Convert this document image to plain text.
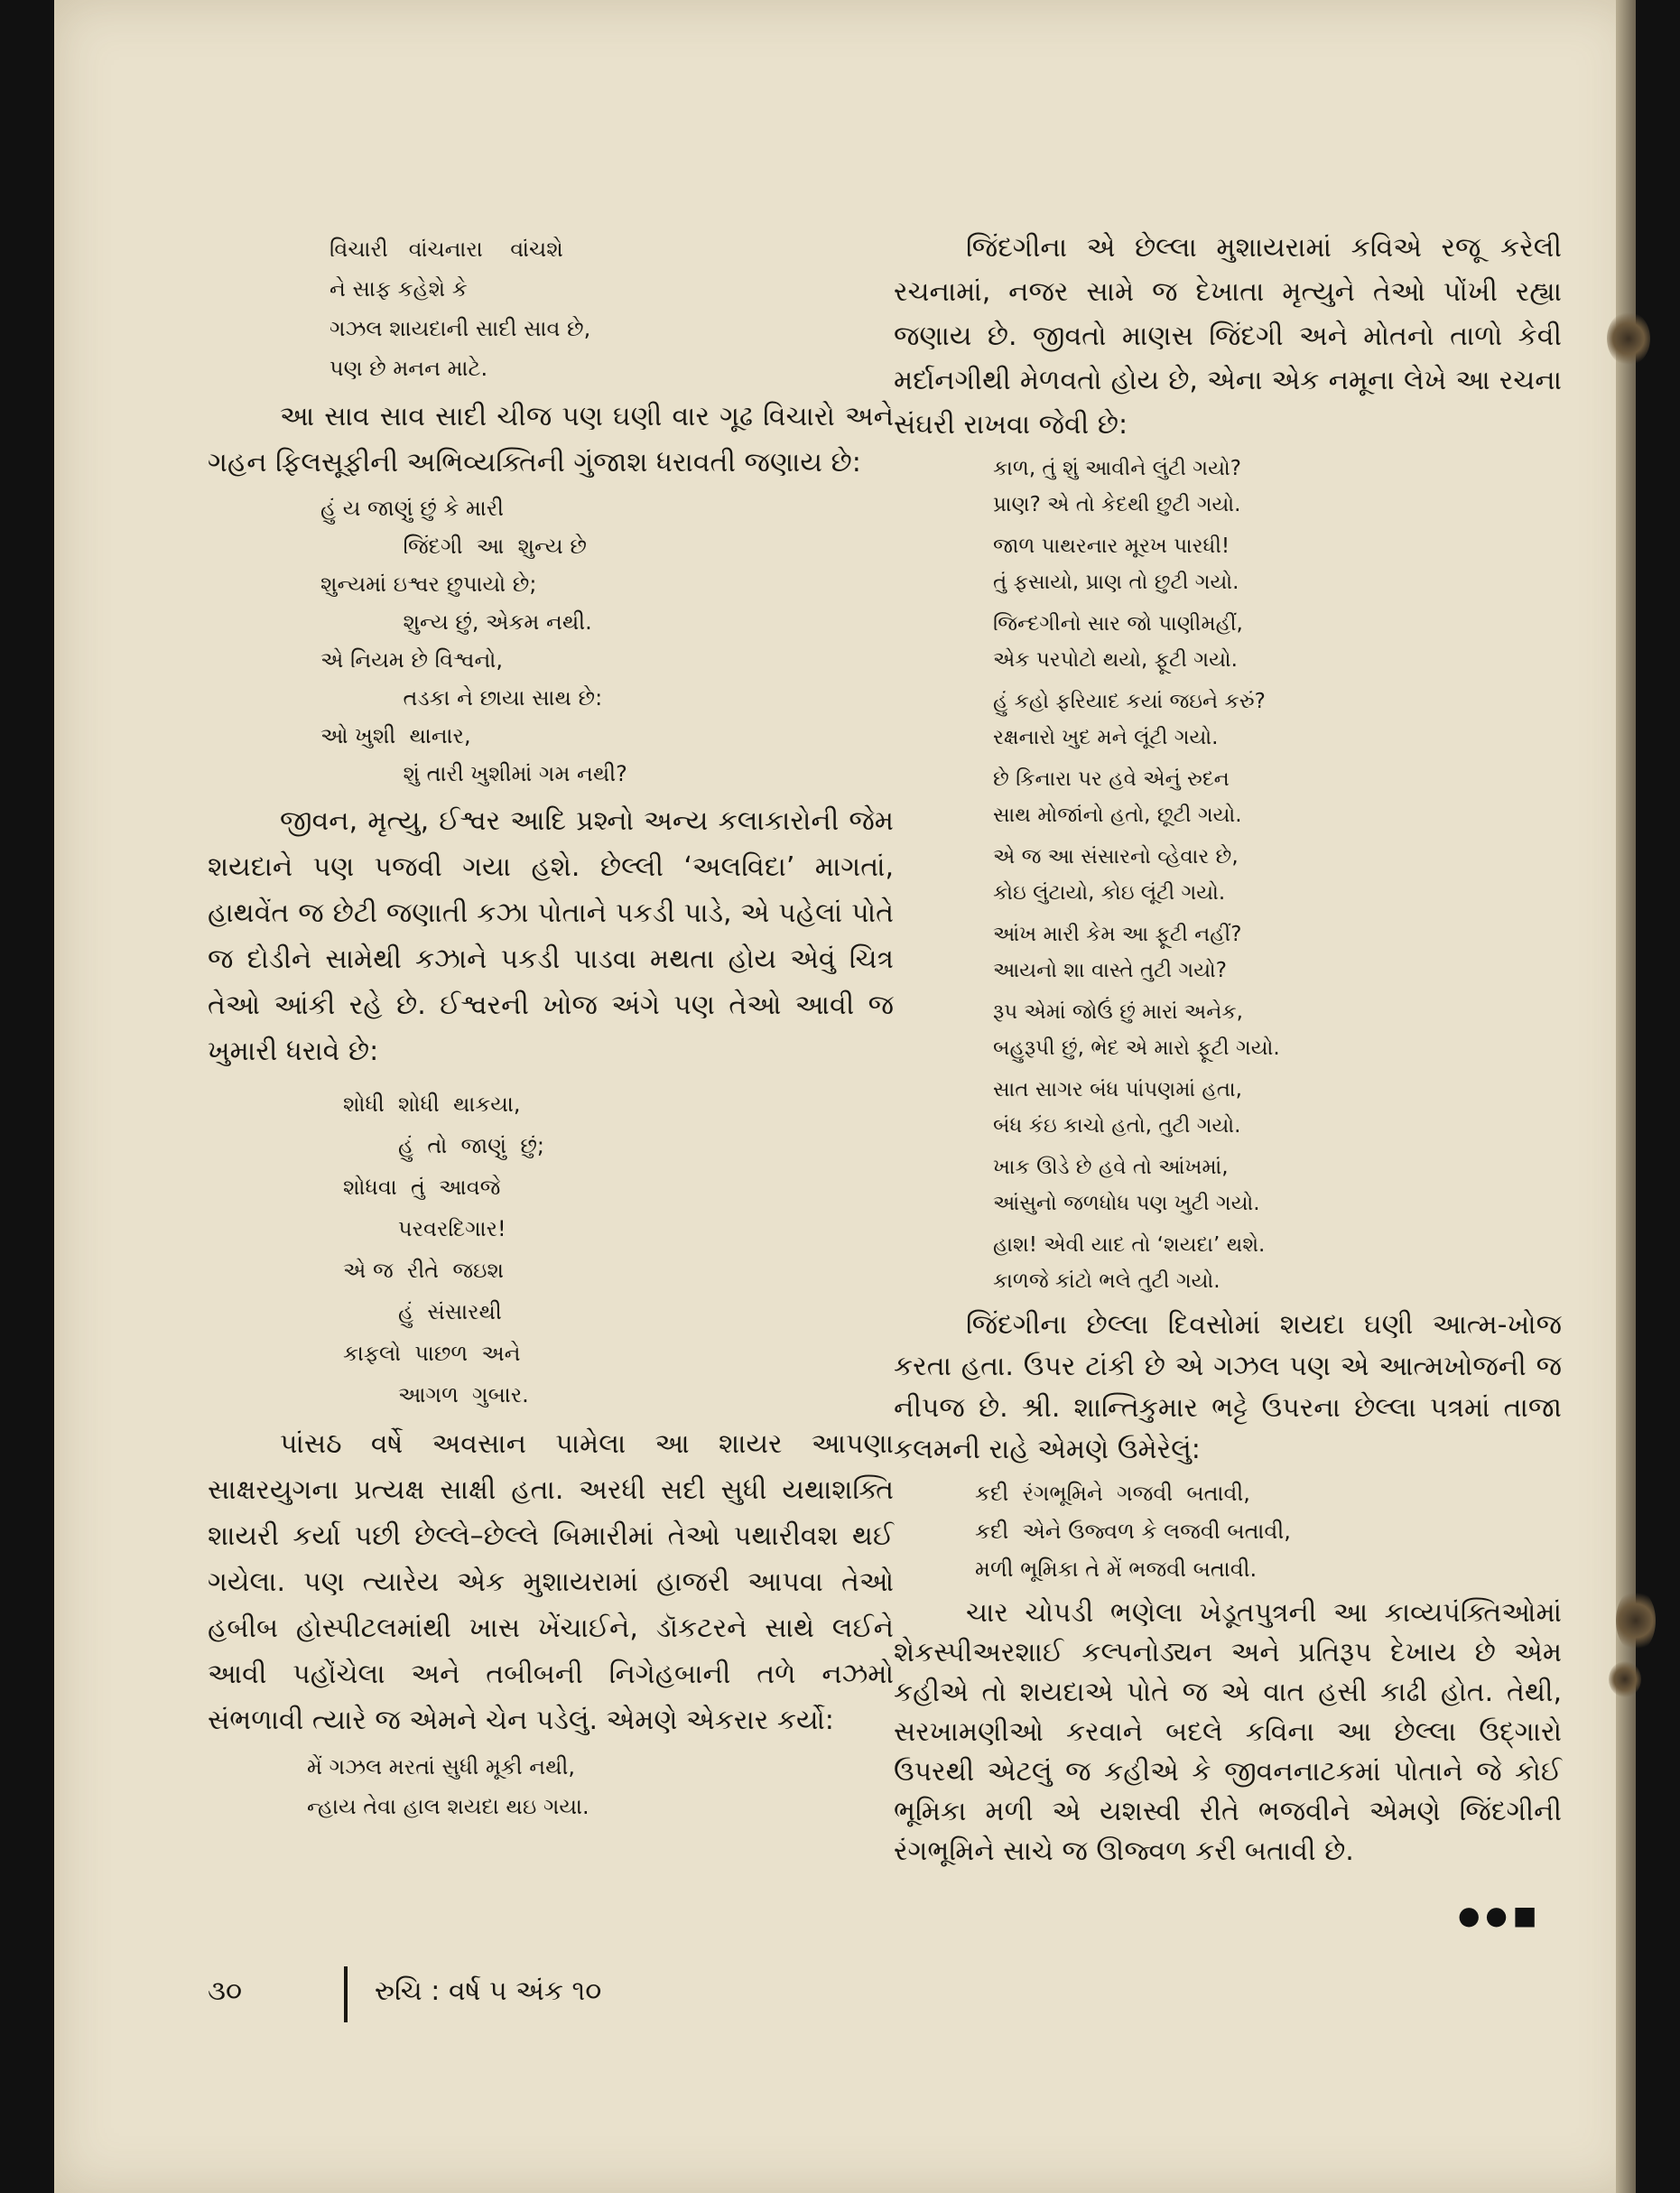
વિચારી   વાંચનારા    વાંચશે
ને સાફ કહેશે કે
ગઝલ શાયદાની સાદી સાવ છે,
પણ છે મનન માટે.

આ સાવ સાવ સાદી ચીજ પણ ઘણી વાર ગૂઢ વિચારો અને ગહન ફિલસૂફીની અભિવ્યક્તિની ગુંજાશ ધરાવતી જણાય છે:

હું ય જાણું છું કે મારી
જિંદગી  આ  શુન્ય છે
શુન્યમાં ઇશ્વર છુપાયો છે;
શુન્ય છું, એકમ નથી.
એ નિયમ છે વિશ્વનો,
તડકા ને છાયા સાથ છે:
ઓ ખુશી  થાનાર,
શું તારી ખુશીમાં ગમ નથી?

જીવન, મૃત્યુ, ઈશ્વર આદિ પ્રશ્નો અન્ય કલાકારોની જેમ શયદાને પણ પજવી ગયા હશે. છેલ્લી ‘અલવિદા’ માગતાં, હાથવેંત જ છેટી જણાતી કઝા પોતાને પકડી પાડે, એ પહેલાં પોતે જ દોડીને સામેથી કઝાને પકડી પાડવા મથતા હોય એવું ચિત્ર તેઓ આંકી રહે છે. ઈશ્વરની ખોજ અંગે પણ તેઓ આવી જ ખુમારી ધરાવે છે:

શોધી  શોધી  થાકયા,
હું  તો  જાણું  છું;
શોધવા  તું  આવજે
પરવરદિગાર!
એ જ  રીતે  જઇશ
હું  સંસારથી
કાફલો  પાછળ  અને
આગળ  ગુબાર.

પાંસઠ વર્ષે અવસાન પામેલા આ શાયર આપણા સાક્ષરયુગના પ્રત્યક્ષ સાક્ષી હતા. અરધી સદી સુધી યથાશક્તિ શાયરી કર્યા પછી છેલ્લે–છેલ્લે બિમારીમાં તેઓ પથારીવશ થઈ ગયેલા. પણ ત્યારેય એક મુશાયરામાં હાજરી આપવા તેઓ હબીબ હોસ્પીટલમાંથી ખાસ ખેંચાઈને, ડૉકટરને સાથે લઈને આવી પહોંચેલા અને તબીબની નિગેહબાની તળે નઝમો સંભળાવી ત્યારે જ એમને ચેન પડેલું. એમણે એકરાર કર્યો:

મેં ગઝલ મરતાં સુધી મૂકી નથી,
ન્હાય તેવા હાલ શયદા થઇ ગયા.

જિંદગીના એ છેલ્લા મુશાયરામાં કવિએ રજૂ કરેલી રચનામાં, નજર સામે જ દેખાતા મૃત્યુને તેઓ પોંખી રહ્યા જણાય છે. જીવતો માણસ જિંદગી અને મોતનો તાળો કેવી મર્દાનગીથી મેળવતો હોય છે, એના એક નમૂના લેખે આ રચના સંઘરી રાખવા જેવી છે:

કાળ, તું શું આવીને લુંટી ગયો?
પ્રાણ? એ તો કેદથી છુટી ગયો.
જાળ પાથરનાર મૂરખ પારધી!
તું ફસાયો, પ્રાણ તો છુટી ગયો.
જિન્દગીનો સાર જો પાણીમહીં,
એક પરપોટો થયો, ફૂટી ગયો.
હું કહો ફરિયાદ કયાં જઇને કરું?
રક્ષનારો ખુદ મને લૂંટી ગયો.
છે કિનારા પર હવે એનું રુદન
સાથ મોજાંનો હતો, છૂટી ગયો.
એ જ આ સંસારનો વ્હેવાર છે,
કોઇ લુંટાયો, કોઇ લૂંટી ગયો.
આંખ મારી કેમ આ ફૂટી નહીં?
આયનો શા વાસ્તે તુટી ગયો?
રૂપ એમાં જોઉં છું મારાં અનેક,
બહુરૂપી છું, ભેદ એ મારો ફૂટી ગયો.
સાત સાગર બંધ પાંપણમાં હતા,
બંધ કંઇ કાચો હતો, તુટી ગયો.
ખાક ઊડે છે હવે તો આંખમાં,
આંસુનો જળધોધ પણ ખુટી ગયો.
હાશ! એવી યાદ તો ‘શયદા’ થશે.
કાળજે કાંટો ભલે તુટી ગયો.

જિંદગીના છેલ્લા દિવસોમાં શયદા ઘણી આત્મ-ખોજ કરતા હતા. ઉપર ટાંકી છે એ ગઝલ પણ એ આત્મખોજની જ નીપજ છે. શ્રી. શાન્તિકુમાર ભટ્ટે ઉપરના છેલ્લા પત્રમાં તાજા કલમની રાહે એમણે ઉમેરેલું:

કદી  રંગભૂમિને  ગજવી  બતાવી,
કદી  એને ઉજ્વળ કે લજવી બતાવી,
મળી ભૂમિકા તે મેં ભજવી બતાવી.

ચાર ચોપડી ભણેલા ખેડૂતપુત્રની આ કાવ્યપંક્તિઓમાં શેકસ્પીઅરશાઈ કલ્પનોડ્યન અને પ્રતિરૂપ દેખાય છે એમ કહીએ તો શયદાએ પોતે જ એ વાત હસી કાઢી હોત. તેથી, સરખામણીઓ કરવાને બદલે કવિના આ છેલ્લા ઉદ્ગારો ઉપરથી એટલું જ કહીએ કે જીવનનાટકમાં પોતાને જે કોઈ ભૂમિકા મળી એ યશસ્વી રીતે ભજવીને એમણે જિંદગીની રંગભૂમિને સાચે જ ઊજ્વળ કરી બતાવી છે.

●●■
૩૦	રુચિ : વર્ષ ૫ અંક ૧૦
